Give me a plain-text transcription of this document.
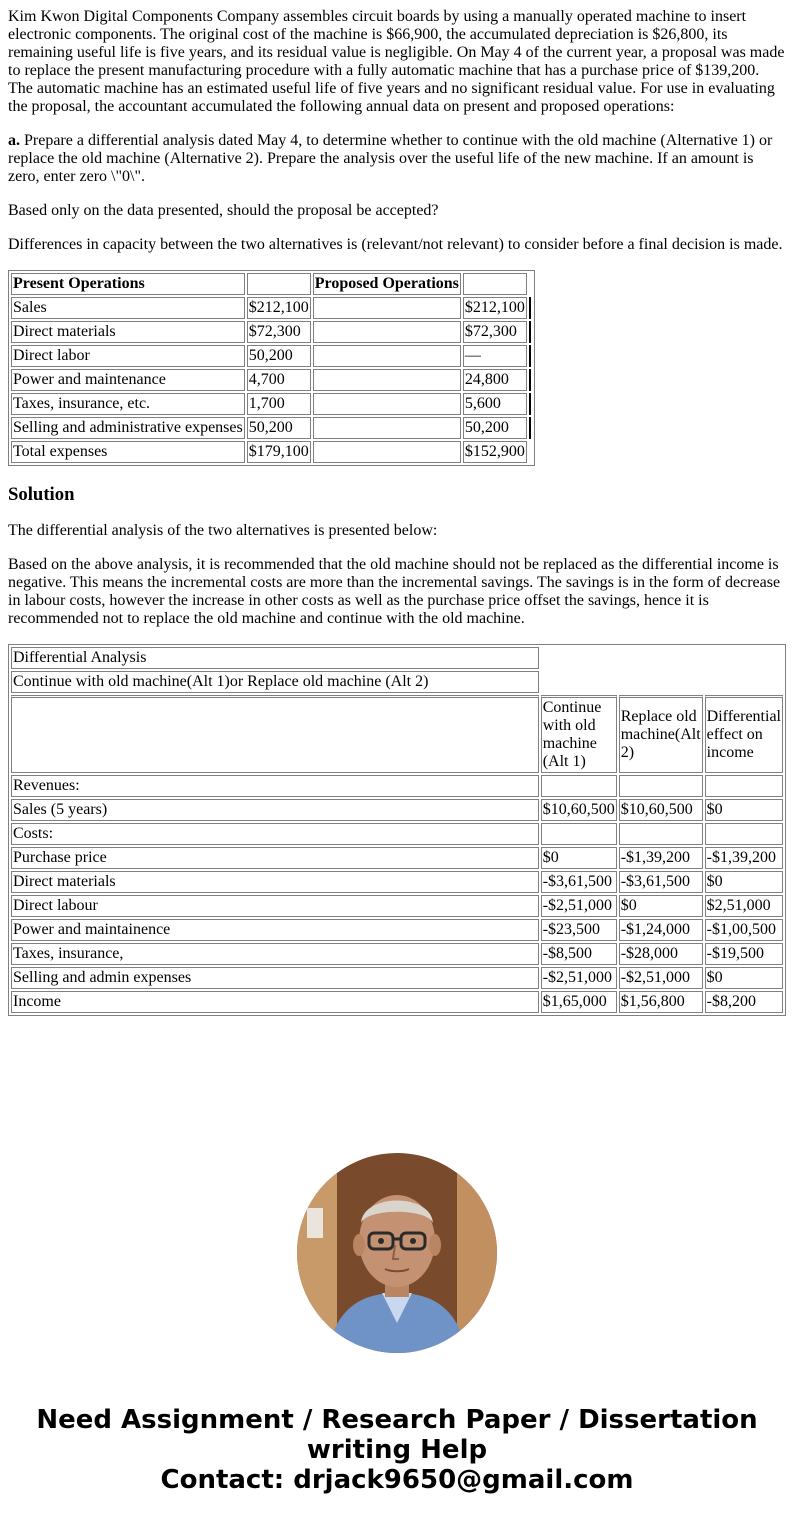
Kim Kwon Digital Components Company assembles circuit boards by using a manually operated machine to insert electronic components. The original cost of the machine is $66,900, the accumulated depreciation is $26,800, its remaining useful life is five years, and its residual value is negligible. On May 4 of the current year, a proposal was made to replace the present manufacturing procedure with a fully automatic machine that has a purchase price of $139,200. The automatic machine has an estimated useful life of five years and no significant residual value. For use in evaluating the proposal, the accountant accumulated the following annual data on present and proposed operations:

a. Prepare a differential analysis dated May 4, to determine whether to continue with the old machine (Alternative 1) or replace the old machine (Alternative 2). Prepare the analysis over the useful life of the new machine. If an amount is zero, enter zero \"0\".

Based only on the data presented, should the proposal be accepted?

Differences in capacity between the two alternatives is (relevant/not relevant) to consider before a final decision is made.

Present Operations		Proposed Operations		
Sales	$212,100		$212,100	
Direct materials	$72,300		$72,300	
Direct labor	50,200		—	
Power and maintenance	4,700		24,800	
Taxes, insurance, etc.	1,700		5,600	
Selling and administrative expenses	50,200		50,200	
Total expenses	$179,100		$152,900	
Solution

The differential analysis of the two alternatives is presented below:

Based on the above analysis, it is recommended that the old machine should not be replaced as the differential income is negative. This means the incremental costs are more than the incremental savings. The savings is in the form of decrease in labour costs, however the increase in other costs as well as the purchase price offset the savings, hence it is recommended not to replace the old machine and continue with the old machine.

Differential Analysis			
Continue with old machine(Alt 1)or Replace old machine (Alt 2)			
	Continue with old machine (Alt 1)	Replace old machine(Alt 2)	Differential effect on income
Revenues:			
Sales (5 years)	$10,60,500	$10,60,500	$0
Costs:			
Purchase price	$0	-$1,39,200	-$1,39,200
Direct materials	-$3,61,500	-$3,61,500	$0
Direct labour	-$2,51,000	$0	$2,51,000
Power and maintainence	-$23,500	-$1,24,000	-$1,00,500
Taxes, insurance,	-$8,500	-$28,000	-$19,500
Selling and admin expenses	-$2,51,000	-$2,51,000	$0
Income	$1,65,000	$1,56,800	-$8,200
Need Assignment / Research Paper / Dissertation
writing Help
Contact: drjack9650@gmail.com
